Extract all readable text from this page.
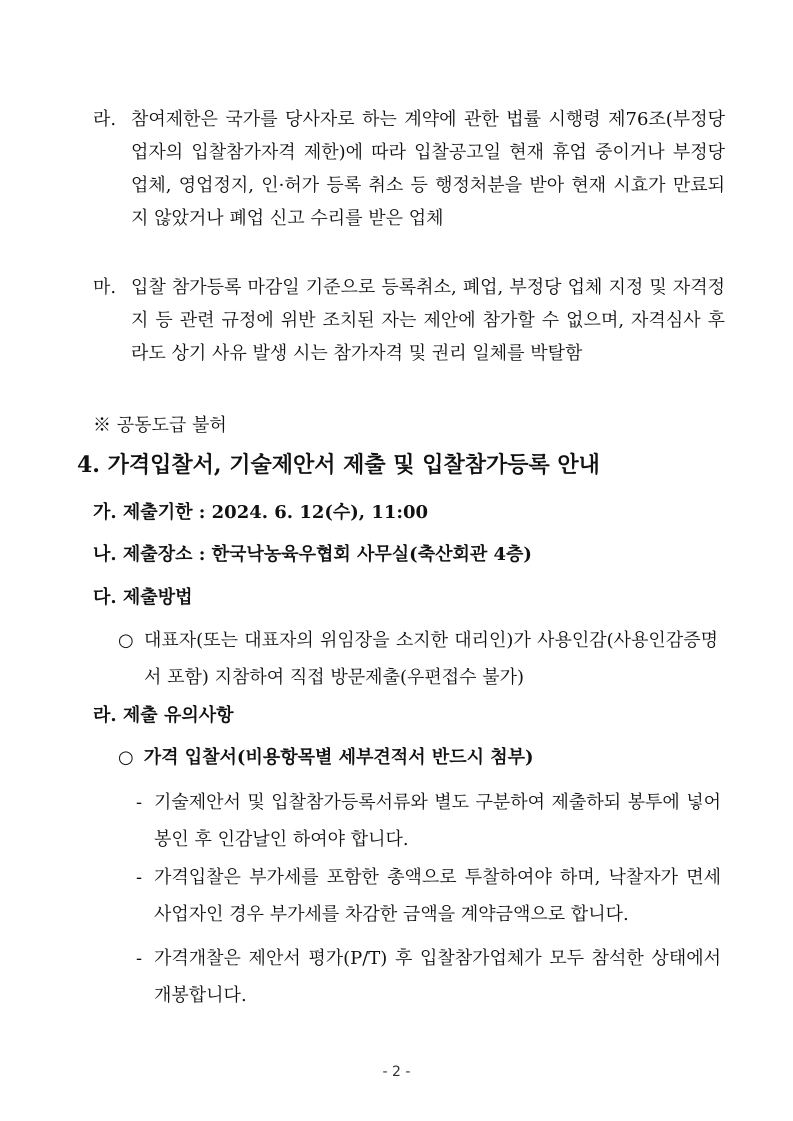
라. 참여제한은 국가를 당사자로 하는 계약에 관한 법률 시행령 제76조(부정당업자의 입찰참가자격 제한)에 따라 입찰공고일 현재 휴업 중이거나 부정당 업체, 영업정지, 인·허가 등록 취소 등 행정처분을 받아 현재 시효가 만료되지 않았거나 폐업 신고 수리를 받은 업체
마. 입찰 참가등록 마감일 기준으로 등록취소, 폐업, 부정당 업체 지정 및 자격정지 등 관련 규정에 위반 조치된 자는 제안에 참가할 수 없으며, 자격심사 후라도 상기 사유 발생 시는 참가자격 및 권리 일체를 박탈함
※ 공동도급 불허
4. 가격입찰서, 기술제안서 제출 및 입찰참가등록 안내
가. 제출기한 : 2024. 6. 12(수), 11:00
나. 제출장소 : 한국낙농육우협회 사무실(축산회관 4층)
다. 제출방법
○ 대표자(또는 대표자의 위임장을 소지한 대리인)가 사용인감(사용인감증명서 포함) 지참하여 직접 방문제출(우편접수 불가)
라. 제출 유의사항
○ 가격 입찰서(비용항목별 세부견적서 반드시 첨부)
- 기술제안서 및 입찰참가등록서류와 별도 구분하여 제출하되 봉투에 넣어 봉인 후 인감날인 하여야 합니다.
- 가격입찰은 부가세를 포함한 총액으로 투찰하여야 하며, 낙찰자가 면세사업자인 경우 부가세를 차감한 금액을 계약금액으로 합니다.
- 가격개찰은 제안서 평가(P/T) 후 입찰참가업체가 모두 참석한 상태에서 개봉합니다.
- 2 -
